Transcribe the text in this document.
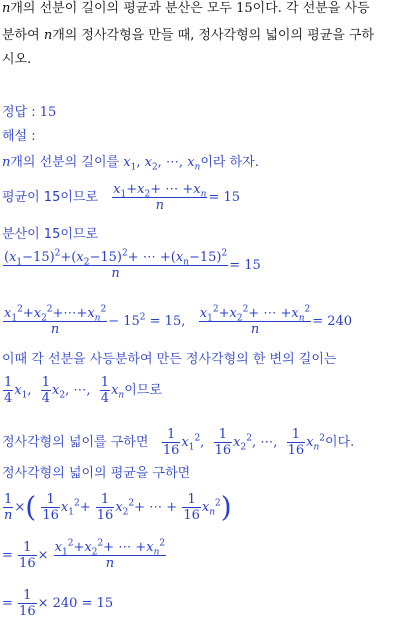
n개의 선분이 길이의 평균과 분산은 모두 15이다. 각 선분을 사등
분하여 n개의 정사각형을 만들 때, 정사각형의 넓이의 평균을 구하
시오.
정답 : 15
해설 :
n개의 선분의 길이를 $x_1$, $x_2$, ⋯, $x_n$이라 하자.
평균이 15이므로 $\frac{x_1+x_2+ \cdots +x_n}{n} = 15$
분산이 15이므로
$\frac{(x_1-15)^2+(x_2-15)^2+ \cdots +(x_n-15)^2}{n} = 15$
$\frac{x_1^2+x_2^2+\cdots+x_n^2}{n} - 15^2 = 15$, $\frac{x_1^2+x_2^2+ \cdots +x_n^2}{n} = 240$
이때 각 선분을 사등분하여 만든 정사각형의 한 변의 길이는
$\frac{1}{4} x_1$, $\frac{1}{4} x_2$, ⋯, $\frac{1}{4} x_n$이므로
정사각형의 넓이를 구하면 $\frac{1}{16} x_1^2$, $\frac{1}{16} x_2^2$, ⋯, $\frac{1}{16} x_n^2$이다.
정사각형의 넓이의 평균을 구하면
$\frac{1}{n}$ ×( $\frac{1}{16} x_1^2+ \frac{1}{16} x_2^2+$ ⋯ + $\frac{1}{16} x_n^2$)
= $\frac{1}{16} \times \frac{x_1^2+x_2^2+ \cdots +x_n^2}{n}$
= $\frac{1}{16} \times 240 = 15$
